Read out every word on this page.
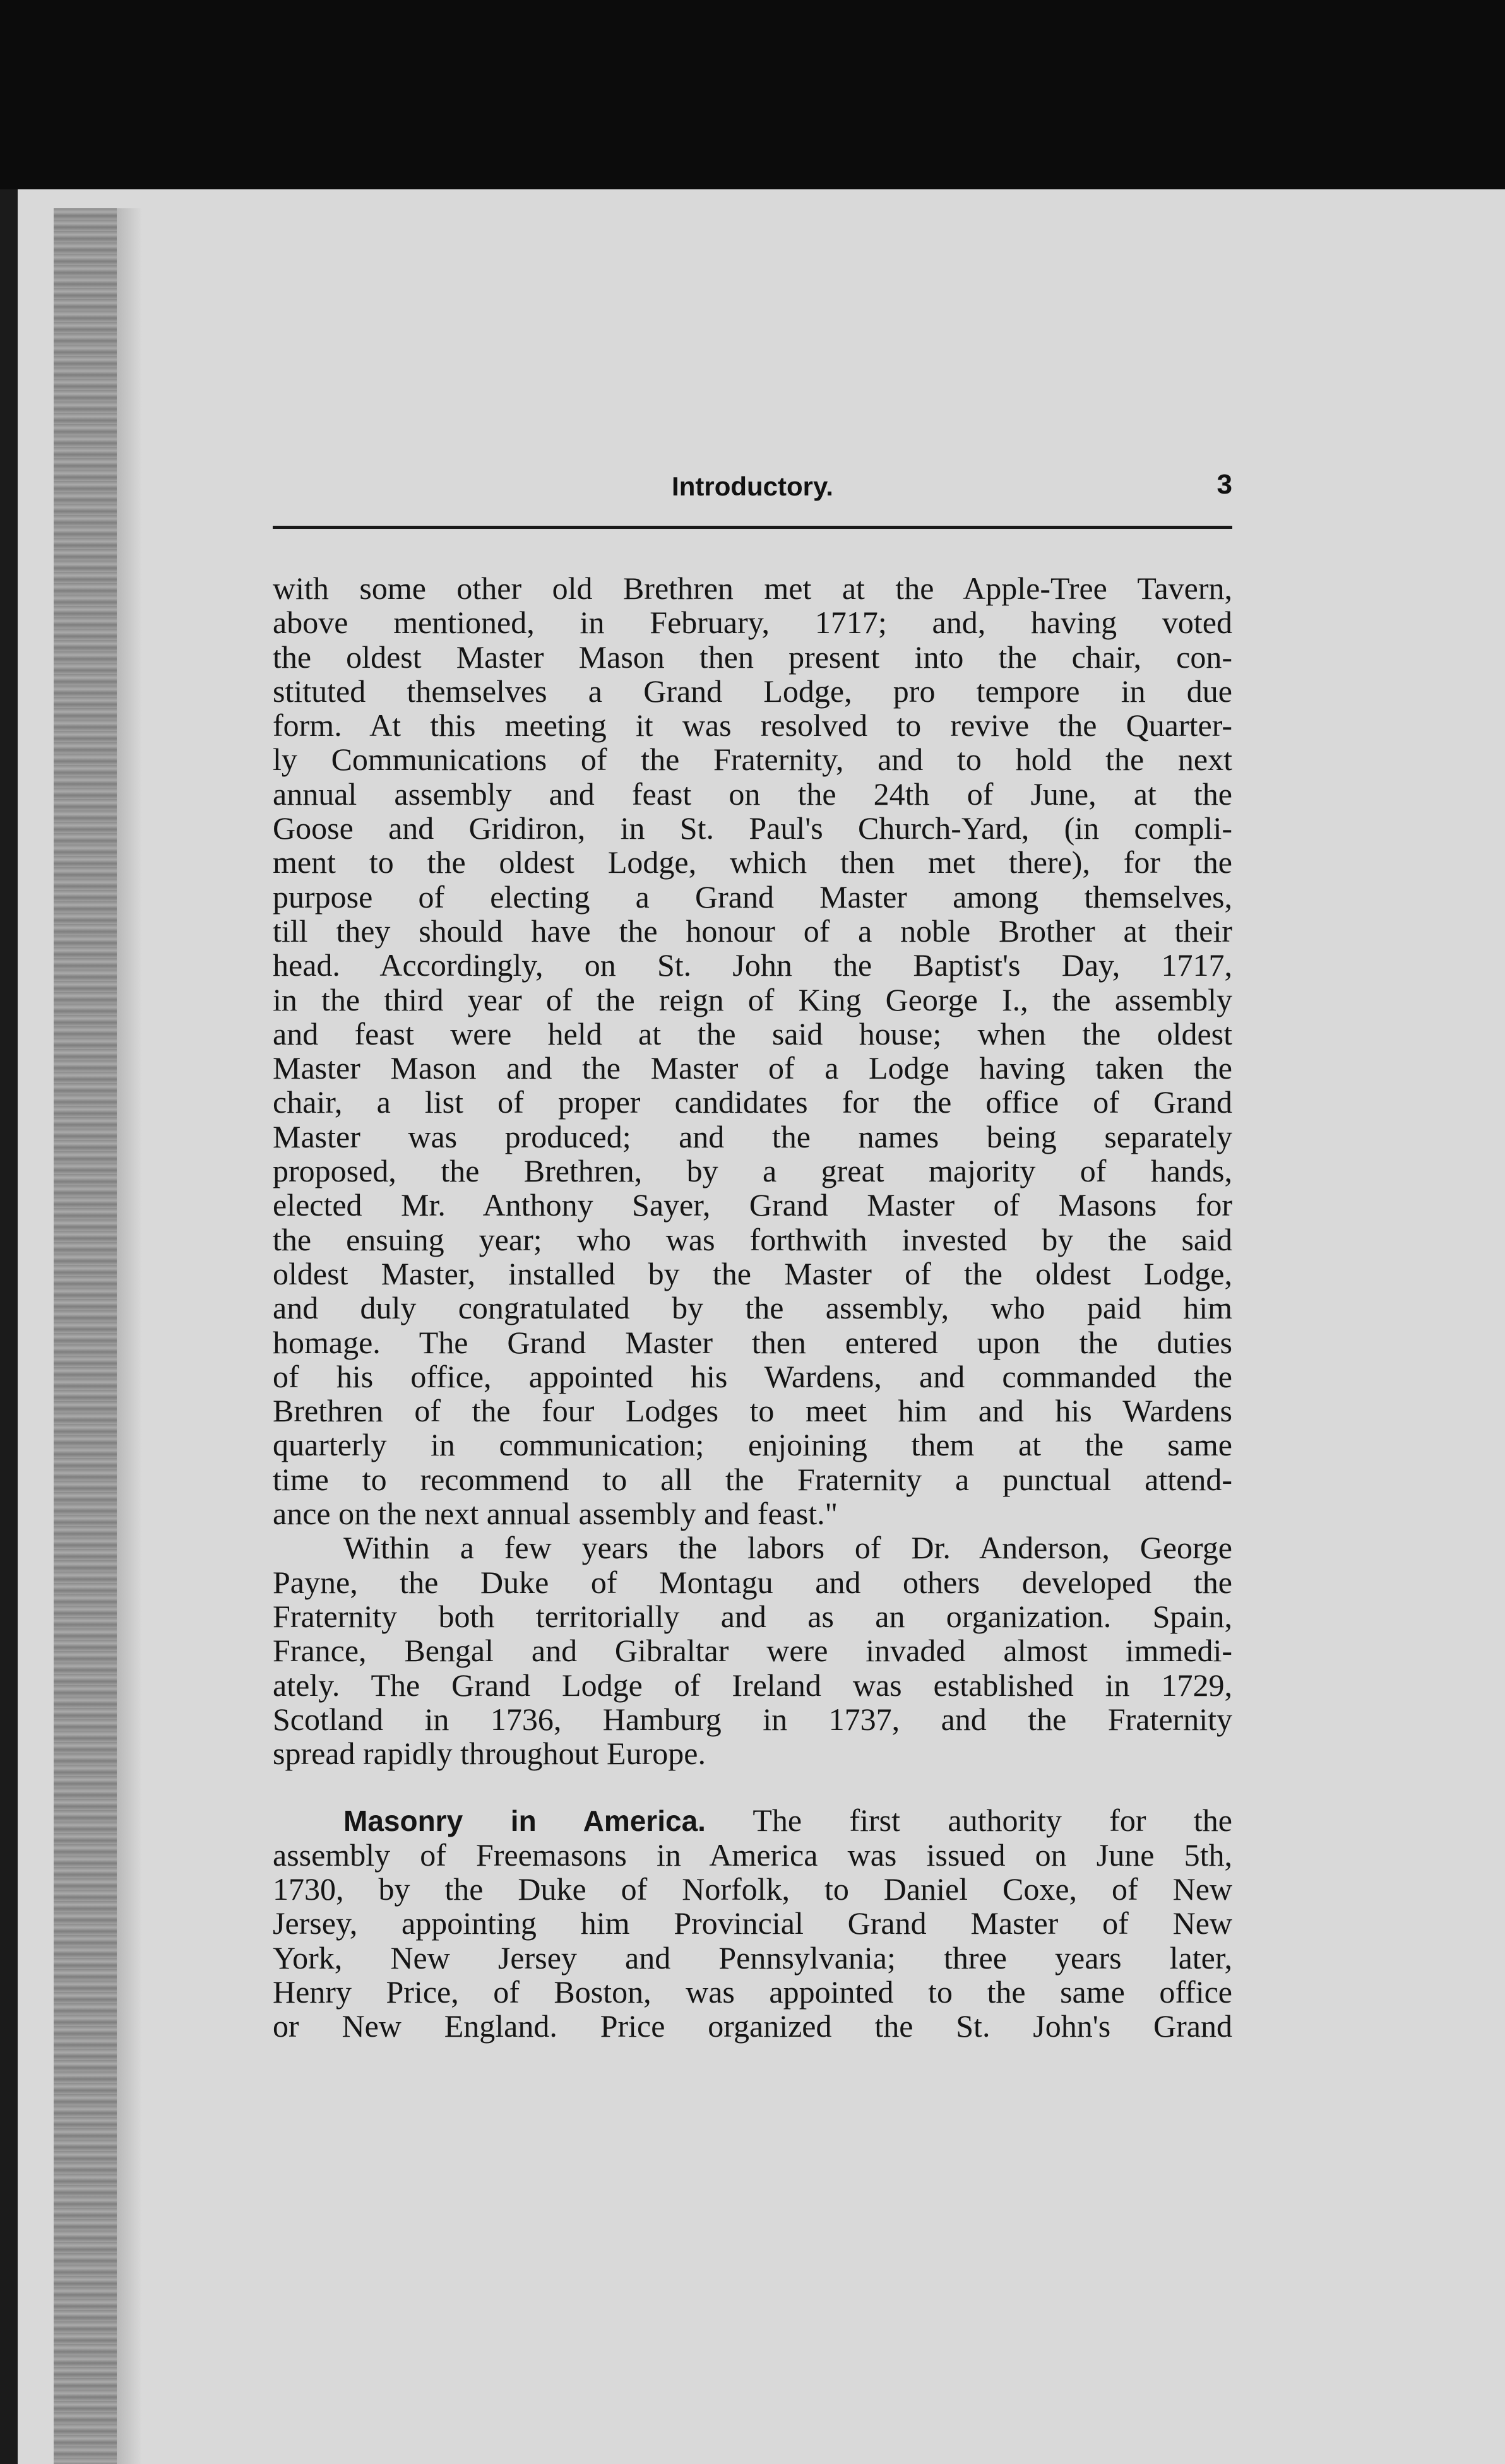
Introductory.	3
with some other old Brethren met at the Apple-Tree Tavern,
above mentioned, in February, 1717; and, having voted
the oldest Master Mason then present into the chair, con-
stituted themselves a Grand Lodge, pro tempore in due
form. At this meeting it was resolved to revive the Quarter-
ly Communications of the Fraternity, and to hold the next
annual assembly and feast on the 24th of June, at the
Goose and Gridiron, in St. Paul's Church-Yard, (in compli-
ment to the oldest Lodge, which then met there), for the
purpose of electing a Grand Master among themselves,
till they should have the honour of a noble Brother at their
head. Accordingly, on St. John the Baptist's Day, 1717,
in the third year of the reign of King George I., the assembly
and feast were held at the said house; when the oldest
Master Mason and the Master of a Lodge having taken the
chair, a list of proper candidates for the office of Grand
Master was produced; and the names being separately
proposed, the Brethren, by a great majority of hands,
elected Mr. Anthony Sayer, Grand Master of Masons for
the ensuing year; who was forthwith invested by the said
oldest Master, installed by the Master of the oldest Lodge,
and duly congratulated by the assembly, who paid him
homage. The Grand Master then entered upon the duties
of his office, appointed his Wardens, and commanded the
Brethren of the four Lodges to meet him and his Wardens
quarterly in communication; enjoining them at the same
time to recommend to all the Fraternity a punctual attend-
ance on the next annual assembly and feast."
Within a few years the labors of Dr. Anderson, George
Payne, the Duke of Montagu and others developed the
Fraternity both territorially and as an organization. Spain,
France, Bengal and Gibraltar were invaded almost immedi-
ately. The Grand Lodge of Ireland was established in 1729,
Scotland in 1736, Hamburg in 1737, and the Fraternity
spread rapidly throughout Europe.
Masonry in America. The first authority for the
assembly of Freemasons in America was issued on June 5th,
1730, by the Duke of Norfolk, to Daniel Coxe, of New
Jersey, appointing him Provincial Grand Master of New
York, New Jersey and Pennsylvania; three years later,
Henry Price, of Boston, was appointed to the same office
or New England. Price organized the St. John's Grand
